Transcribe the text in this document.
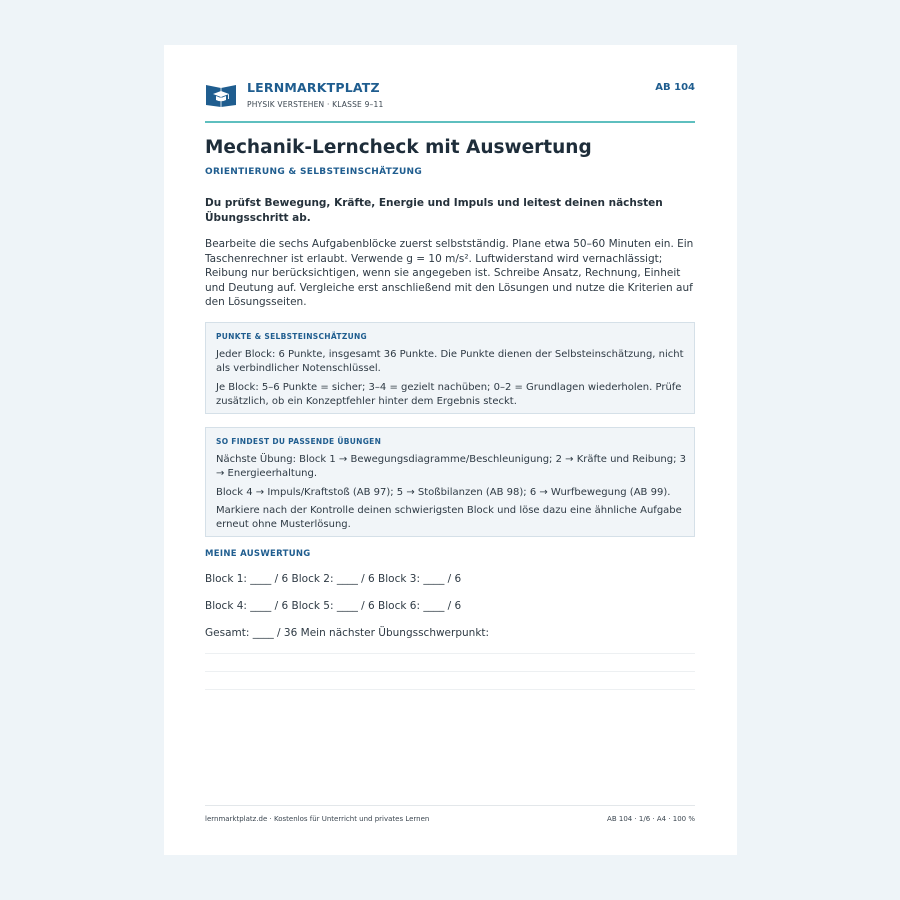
LERNMARKTPLATZ
PHYSIK VERSTEHEN · KLASSE 9–11
AB 104
Mechanik-Lerncheck mit Auswertung
ORIENTIERUNG & SELBSTEINSCHÄTZUNG
Du prüfst Bewegung, Kräfte, Energie und Impuls und leitest deinen nächsten Übungsschritt ab.
Bearbeite die sechs Aufgabenblöcke zuerst selbstständig. Plane etwa 50–60 Minuten ein. Ein Taschenrechner ist erlaubt. Verwende g = 10 m/s². Luftwiderstand wird vernachlässigt; Reibung nur berücksichtigen, wenn sie angegeben ist. Schreibe Ansatz, Rechnung, Einheit und Deutung auf. Vergleiche erst anschließend mit den Lösungen und nutze die Kriterien auf den Lösungsseiten.
PUNKTE & SELBSTEINSCHÄTZUNG
Jeder Block: 6 Punkte, insgesamt 36 Punkte. Die Punkte dienen der Selbsteinschätzung, nicht als verbindlicher Notenschlüssel.
Je Block: 5–6 Punkte = sicher; 3–4 = gezielt nachüben; 0–2 = Grundlagen wiederholen. Prüfe zusätzlich, ob ein Konzeptfehler hinter dem Ergebnis steckt.
SO FINDEST DU PASSENDE ÜBUNGEN
Nächste Übung: Block 1 → Bewegungsdiagramme/Beschleunigung; 2 → Kräfte und Reibung; 3 → Energieerhaltung.
Block 4 → Impuls/Kraftstoß (AB 97); 5 → Stoßbilanzen (AB 98); 6 → Wurfbewegung (AB 99).
Markiere nach der Kontrolle deinen schwierigsten Block und löse dazu eine ähnliche Aufgabe erneut ohne Musterlösung.
MEINE AUSWERTUNG
Block 1: ____ / 6 Block 2: ____ / 6 Block 3: ____ / 6
Block 4: ____ / 6 Block 5: ____ / 6 Block 6: ____ / 6
Gesamt: ____ / 36 Mein nächster Übungsschwerpunkt:
lernmarktplatz.de · Kostenlos für Unterricht und privates Lernen	AB 104 · 1/6 · A4 · 100 %
